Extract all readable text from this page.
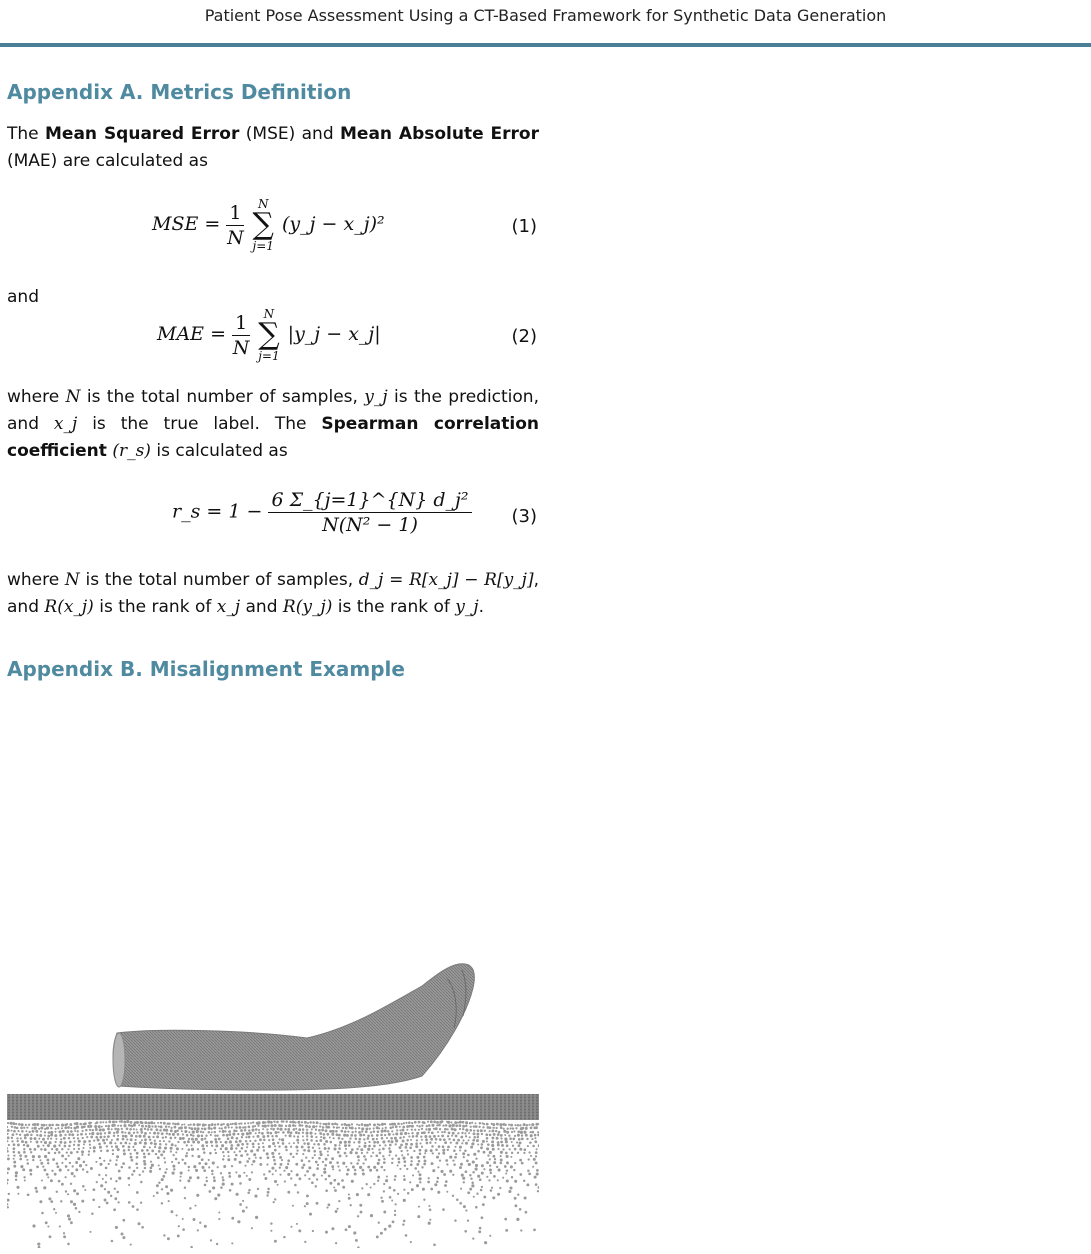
Patient Pose Assessment Using a CT-Based Framework for Synthetic Data Generation
Appendix A. Metrics Definition
The Mean Squared Error (MSE) and Mean Absolute Error (MAE) are calculated as
MSE = $\frac{1}{N}$
	N
∑
j=1
(y_j − x_j)²	(1)
and
MAE = $\frac{1}{N}$
	N
∑
j=1
|y_j − x_j|	(2)
where N is the total number of samples, y_j is the prediction, and x_j is the true label. The Spearman correlation coefficient (r_s) is calculated as
r_s = $1 - \frac{\text{6 Σ\_\{j=1\}\textasciicircum{}\{N\} d\_j²}}{\text{N(N² − 1)}} (3)$
where N is the total number of samples, d_j = R[x_j] − R[y_j], and R(x_j) is the rank of x_j and R(y_j) is the rank of y_j.
Appendix B. Misalignment Example
